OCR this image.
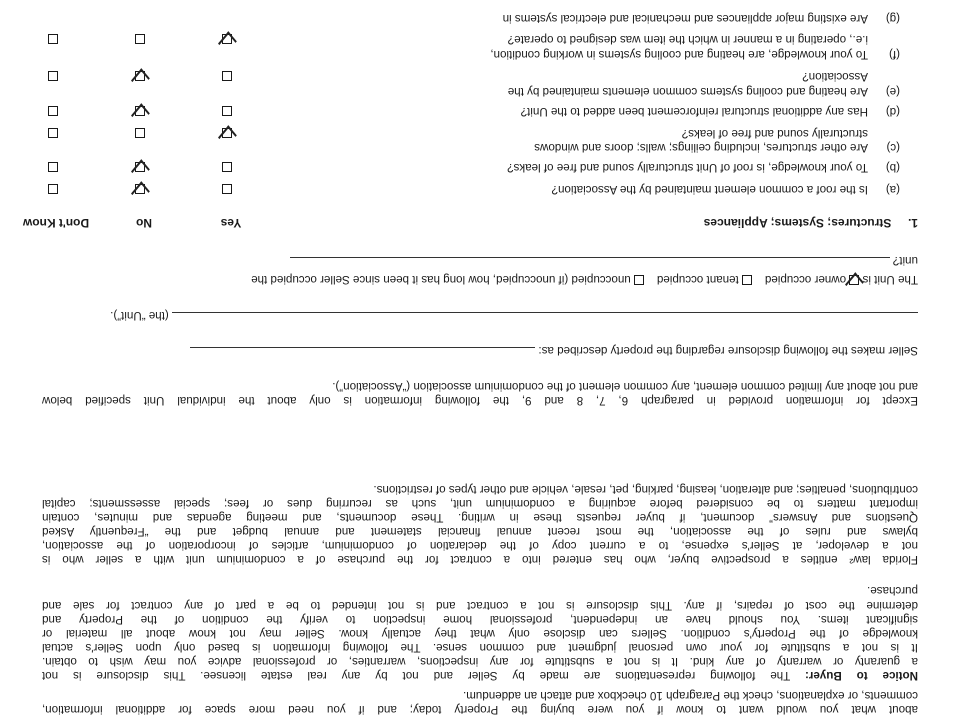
about what you would want to know if you were buying the Property today; and if you need more space for additional information,
comments, or explanations, check the Paragraph 10 checkbox and attach an addendum.
Notice to Buyer: The following representations are made by Seller and not by any real estate licensee. This disclosure is not
a guaranty or warranty of any kind. It is not a substitute for any inspections, warranties, or professional advice you may wish to obtain.
It is not a substitute for your own personal judgment and common sense. The following information is based only upon Seller's actual
knowledge of the Property's condition. Sellers can disclose only what they actually know. Seller may not know about all material or
significant items. You should have an independent, professional home inspection to verify the condition of the Property and
determine the cost of repairs, if any. This disclosure is not a contract and is not intended to be a part of any contract for sale and
purchase.
Florida law² entitles a prospective buyer, who has entered into a contract for the purchase of a condominium unit with a seller who is
not a developer, at Seller's expense, to a current copy of the declaration of condominium, articles of incorporation of the association,
bylaws and rules of the association, the most recent annual financial statement and annual budget and the “Frequently Asked
Questions and Answers” document, if buyer requests these in writing. These documents, and meeting agendas and minutes, contain
important matters to be considered before acquiring a condominium unit, such as recurring dues or fees; special assessments; capital
contributions, penalties; and alteration, leasing, parking, pet, resale, vehicle and other types of restrictions.
Except for information provided in paragraph 6, 7, 8 and 9, the following information is only about the individual Unit specified below
and not about any limited common element, any common element of the condominium association (“Association”).
Seller makes the following disclosure regarding the property described as:
(the “Unit”).
The Unit is  owner occupied     tenant occupied     unoccupied (if unoccupied, how long has it been since Seller occupied the
unit?
1.     Structures; Systems; Appliances
Yes
No
Don't Know
(a)
Is the roof a common element maintained by the Association?
(b)
To your knowledge, is roof of Unit structurally sound and free of leaks?
(c)
Are other structures, including ceilings; walls; doors and windows
structurally sound and free of leaks?
(d)
Has any additional structural reinforcement been added to the Unit?
(e)
Are heating and cooling systems common elements maintained by the
Association?
(f)
To your knowledge, are heating and cooling systems in working condition,
i.e., operating in a manner in which the item was designed to operate?
(g)
Are existing major appliances and mechanical and electrical systems in
